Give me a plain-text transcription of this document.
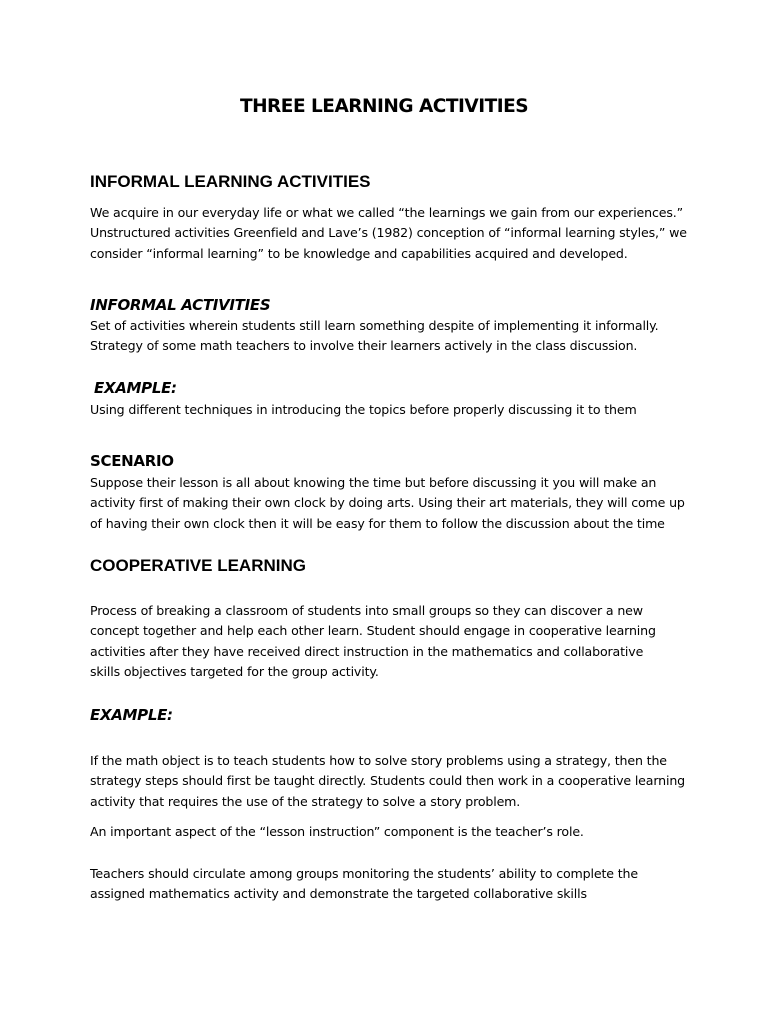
THREE LEARNING ACTIVITIES
INFORMAL LEARNING ACTIVITIES

We acquire in our everyday life or what we called “the learnings we gain from our experiences.”
Unstructured activities Greenfield and Lave’s (1982) conception of “informal learning styles,” we
consider “informal learning” to be knowledge and capabilities acquired and developed.

INFORMAL ACTIVITIES

Set of activities wherein students still learn something despite of implementing it informally.
Strategy of some math teachers to involve their learners actively in the class discussion.

EXAMPLE:

Using different techniques in introducing the topics before properly discussing it to them

SCENARIO

Suppose their lesson is all about knowing the time but before discussing it you will make an
activity first of making their own clock by doing arts. Using their art materials, they will come up
of having their own clock then it will be easy for them to follow the discussion about the time

COOPERATIVE LEARNING

Process of breaking a classroom of students into small groups so they can discover a new
concept together and help each other learn. Student should engage in cooperative learning
activities after they have received direct instruction in the mathematics and collaborative
skills objectives targeted for the group activity.

EXAMPLE:

If the math object is to teach students how to solve story problems using a strategy, then the
strategy steps should first be taught directly. Students could then work in a cooperative learning
activity that requires the use of the strategy to solve a story problem.

An important aspect of the “lesson instruction” component is the teacher’s role.

Teachers should circulate among groups monitoring the students’ ability to complete the
assigned mathematics activity and demonstrate the targeted collaborative skills
